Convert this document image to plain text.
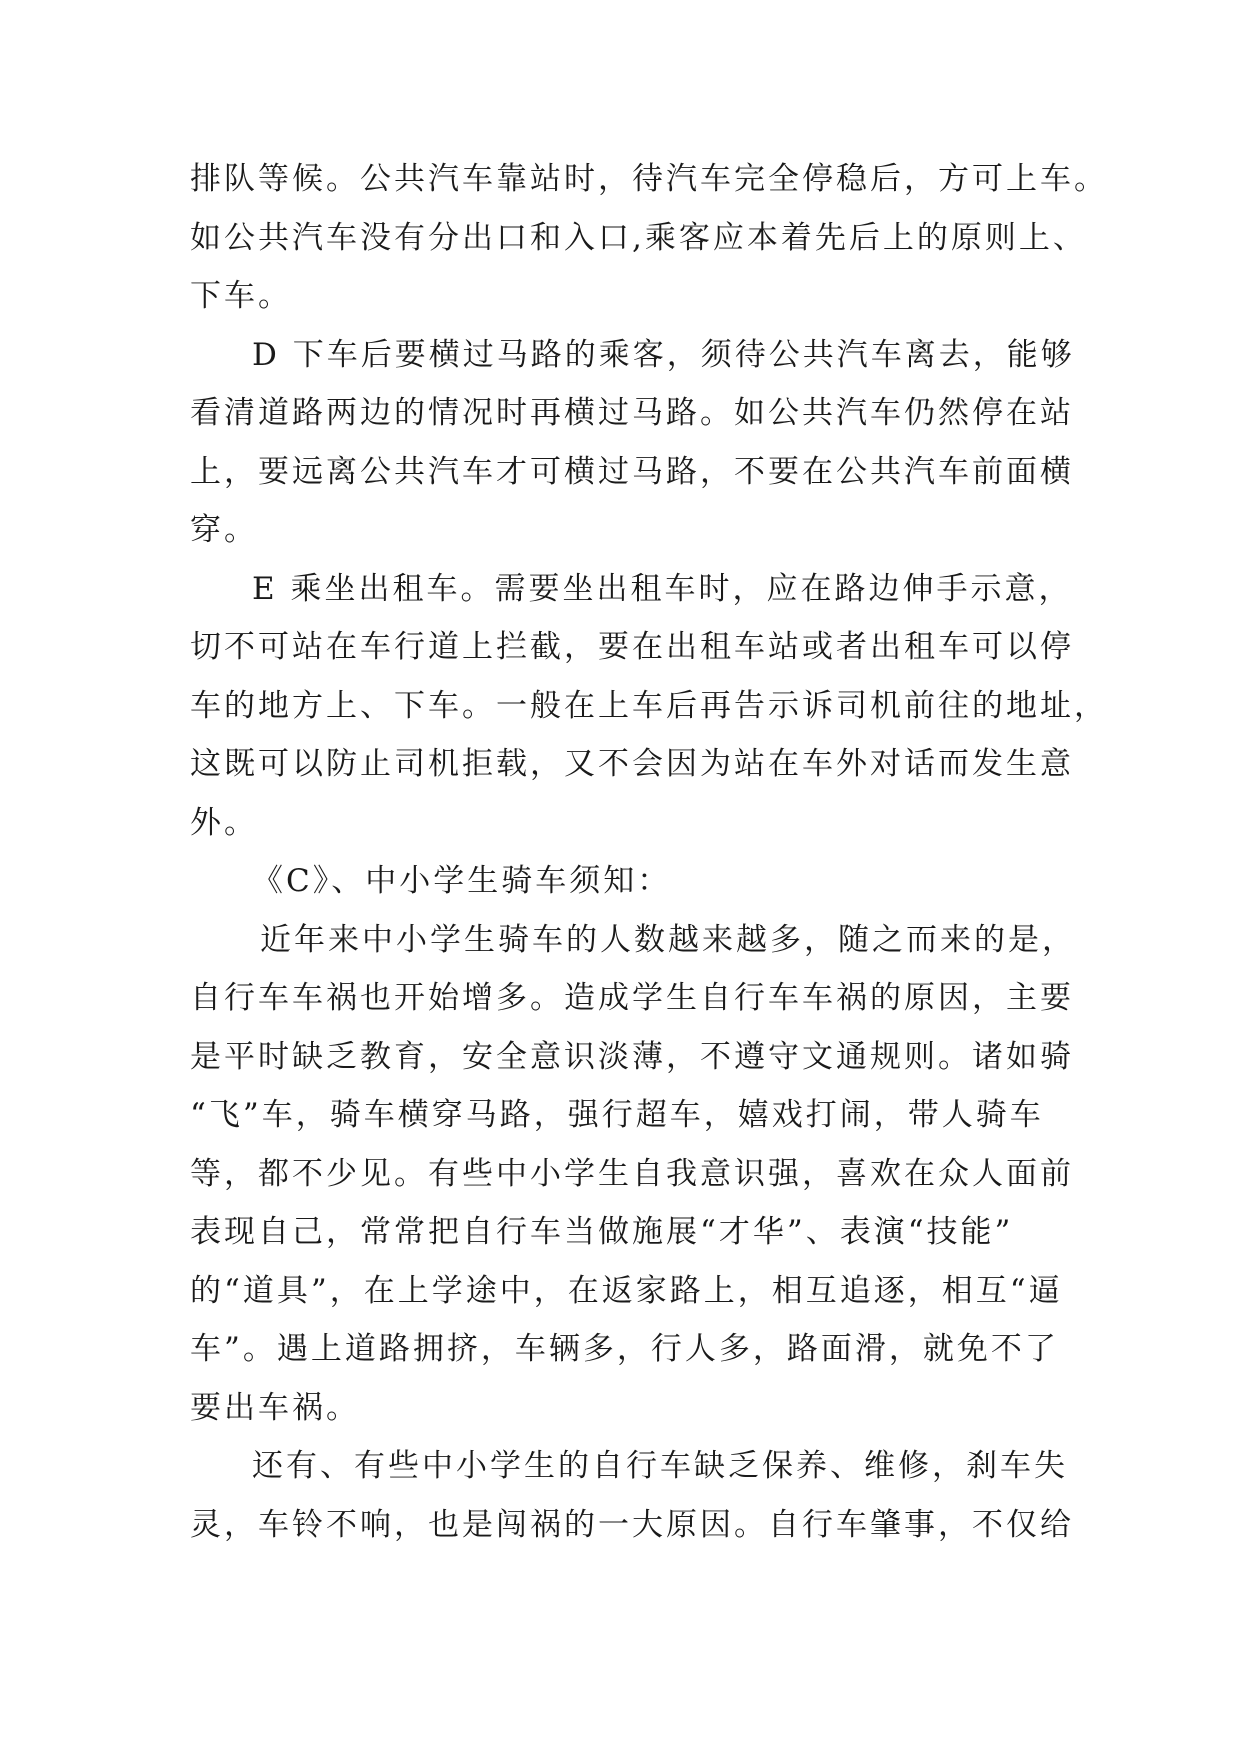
排队等候。公共汽车靠站时，待汽车完全停稳后，方可上车。
如公共汽车没有分出口和入口,乘客应本着先后上的原则上、
下车。
D 下车后要横过马路的乘客，须待公共汽车离去，能够
看清道路两边的情况时再横过马路。如公共汽车仍然停在站
上，要远离公共汽车才可横过马路，不要在公共汽车前面横
穿。
E 乘坐出租车。需要坐出租车时，应在路边伸手示意，
切不可站在车行道上拦截，要在出租车站或者出租车可以停
车的地方上、下车。一般在上车后再告示诉司机前往的地址，
这既可以防止司机拒载，又不会因为站在车外对话而发生意
外。
《C》、中小学生骑车须知：
近年来中小学生骑车的人数越来越多，随之而来的是，
自行车车祸也开始增多。造成学生自行车车祸的原因，主要
是平时缺乏教育，安全意识淡薄，不遵守文通规则。诸如骑
“飞”车，骑车横穿马路，强行超车，嬉戏打闹，带人骑车
等，都不少见。有些中小学生自我意识强，喜欢在众人面前
表现自己，常常把自行车当做施展“才华”、表演“技能”
的“道具”，在上学途中，在返家路上，相互追逐，相互“逼
车”。遇上道路拥挤，车辆多，行人多，路面滑，就免不了
要出车祸。
还有、有些中小学生的自行车缺乏保养、维修，刹车失
灵，车铃不响，也是闯祸的一大原因。自行车肇事，不仅给
